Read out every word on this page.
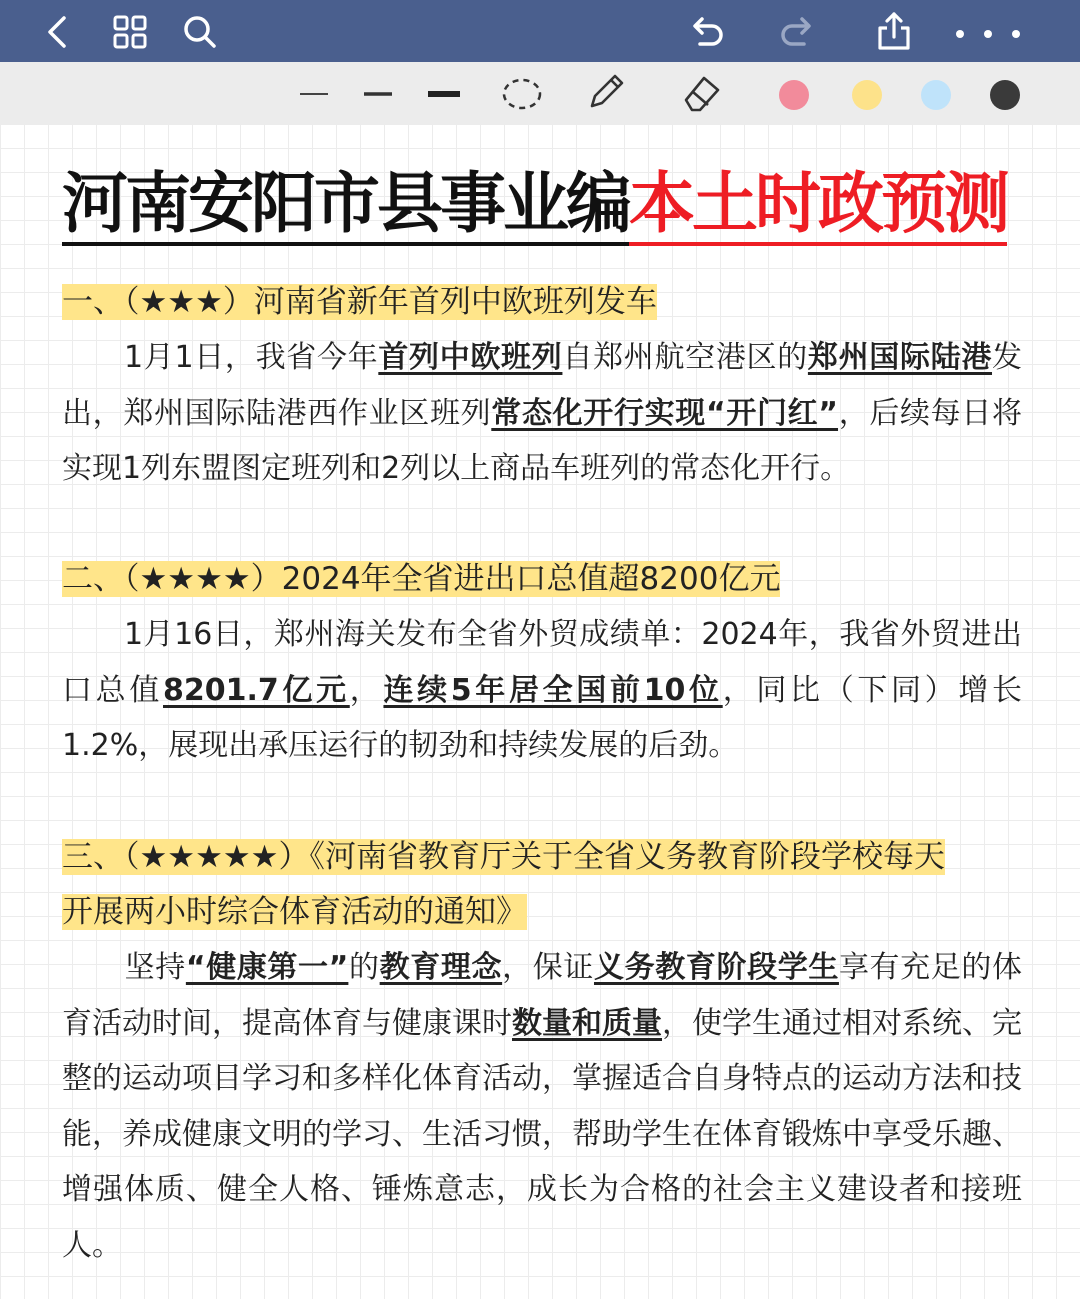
河南安阳市县事业编本土时政预测
一、（★★★）河南省新年首列中欧班列发车

1月1日，我省今年首列中欧班列自郑州航空港区的郑州国际陆港发出，郑州国际陆港西作业区班列常态化开行实现“开门红”，后续每日将实现1列东盟图定班列和2列以上商品车班列的常态化开行。

二、（★★★★）2024年全省进出口总值超8200亿元

1月16日，郑州海关发布全省外贸成绩单：2024年，我省外贸进出口总值8201.7亿元，连续5年居全国前10位，同比（下同）增长1.2%，展现出承压运行的韧劲和持续发展的后劲。

三、（★★★★★）《河南省教育厅关于全省义务教育阶段学校每天
开展两小时综合体育活动的通知》

坚持“健康第一”的教育理念，保证义务教育阶段学生享有充足的体育活动时间，提高体育与健康课时数量和质量，使学生通过相对系统、完整的运动项目学习和多样化体育活动，掌握适合自身特点的运动方法和技能，养成健康文明的学习、生活习惯，帮助学生在体育锻炼中享受乐趣、增强体质、健全人格、锤炼意志，成长为合格的社会主义建设者和接班人。
